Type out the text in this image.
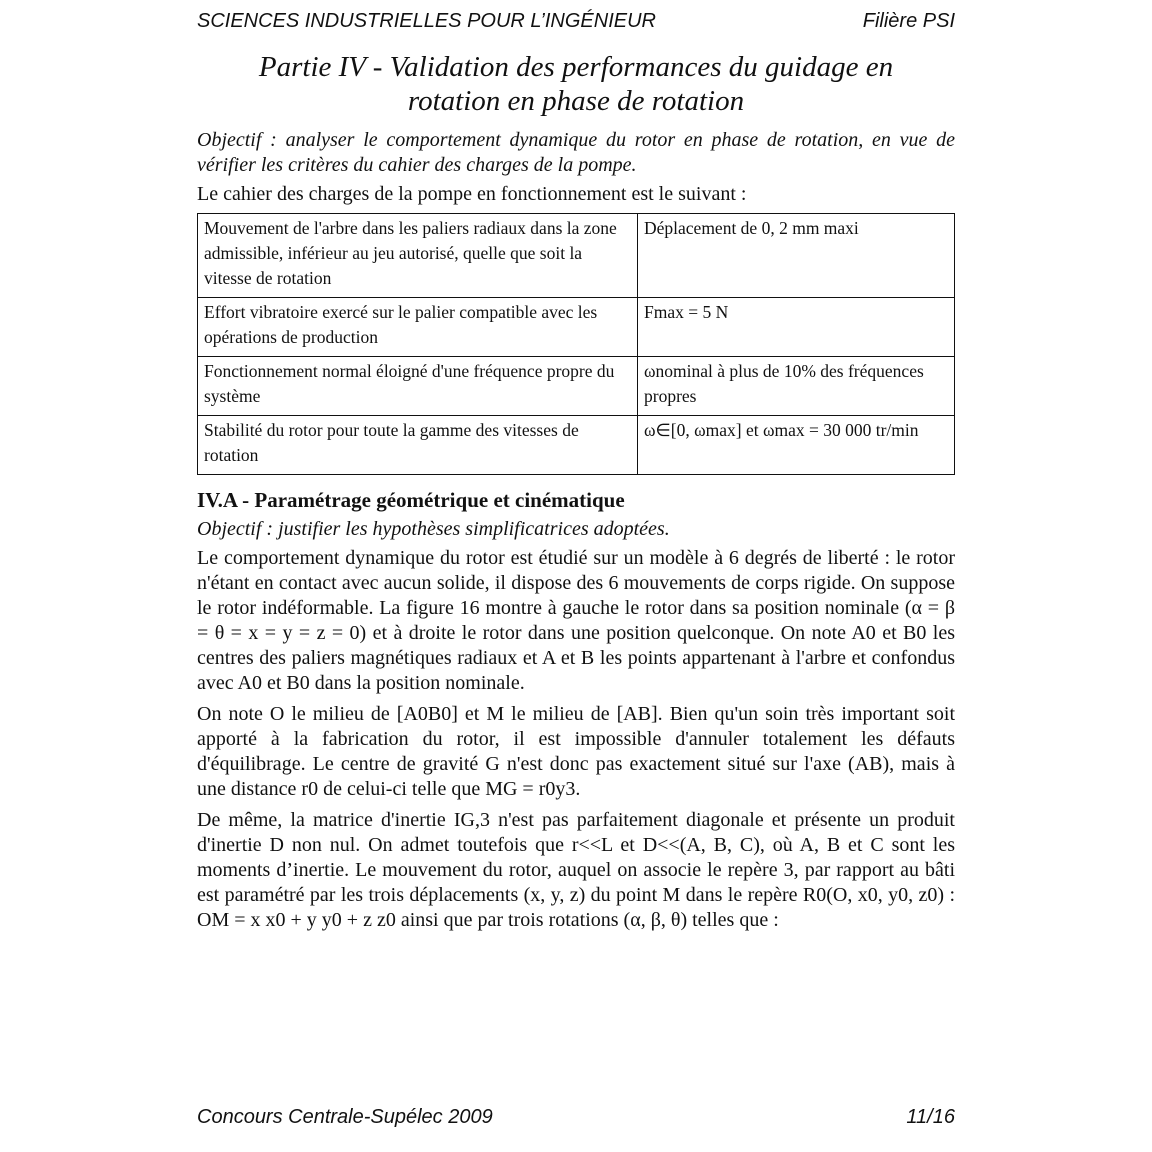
SCIENCES INDUSTRIELLES POUR L’INGÉNIEUR	Filière PSI
Partie IV - Validation des performances du guidage en
rotation en phase de rotation

Objectif : analyser le comportement dynamique du rotor en phase de rotation, en vue de vérifier les critères du cahier des charges de la pompe.

Le cahier des charges de la pompe en fonctionnement est le suivant :

Mouvement de l'arbre dans les paliers radiaux dans la zone admissible, inférieur au jeu autorisé, quelle que soit la vitesse de rotation	Déplacement de 0, 2 mm maxi
Effort vibratoire exercé sur le palier compatible avec les opérations de production	Fmax = 5 N
Fonctionnement normal éloigné d'une fréquence propre du système	ωnominal à plus de 10% des fréquences propres
Stabilité du rotor pour toute la gamme des vitesses de rotation	ω∈[0, ωmax] et ωmax = 30 000 tr/min
IV.A - Paramétrage géométrique et cinématique

Objectif : justifier les hypothèses simplificatrices adoptées.

Le comportement dynamique du rotor est étudié sur un modèle à 6 degrés de liberté : le rotor n'étant en contact avec aucun solide, il dispose des 6 mouvements de corps rigide. On suppose le rotor indéformable. La figure 16 montre à gauche le rotor dans sa position nominale (α = β = θ = x = y = z = 0) et à droite le rotor dans une position quelconque. On note A0 et B0 les centres des paliers magnétiques radiaux et A et B les points appartenant à l'arbre et confondus avec A0 et B0 dans la position nominale.

On note O le milieu de [A0B0] et M le milieu de [AB]. Bien qu'un soin très important soit apporté à la fabrication du rotor, il est impossible d'annuler totalement les défauts d'équilibrage. Le centre de gravité G n'est donc pas exactement situé sur l'axe (AB), mais à une distance r0 de celui-ci telle que MG = r0y3.

De même, la matrice d'inertie IG,3 n'est pas parfaitement diagonale et présente un produit d'inertie D non nul. On admet toutefois que r<<L et D<<(A, B, C), où A, B et C sont les moments d’inertie. Le mouvement du rotor, auquel on associe le repère 3, par rapport au bâti est paramétré par les trois déplacements (x, y, z) du point M dans le repère R0(O, x0, y0, z0) : OM = x x0 + y y0 + z z0 ainsi que par trois rotations (α, β, θ) telles que :

Concours Centrale-Supélec 2009	11/16
